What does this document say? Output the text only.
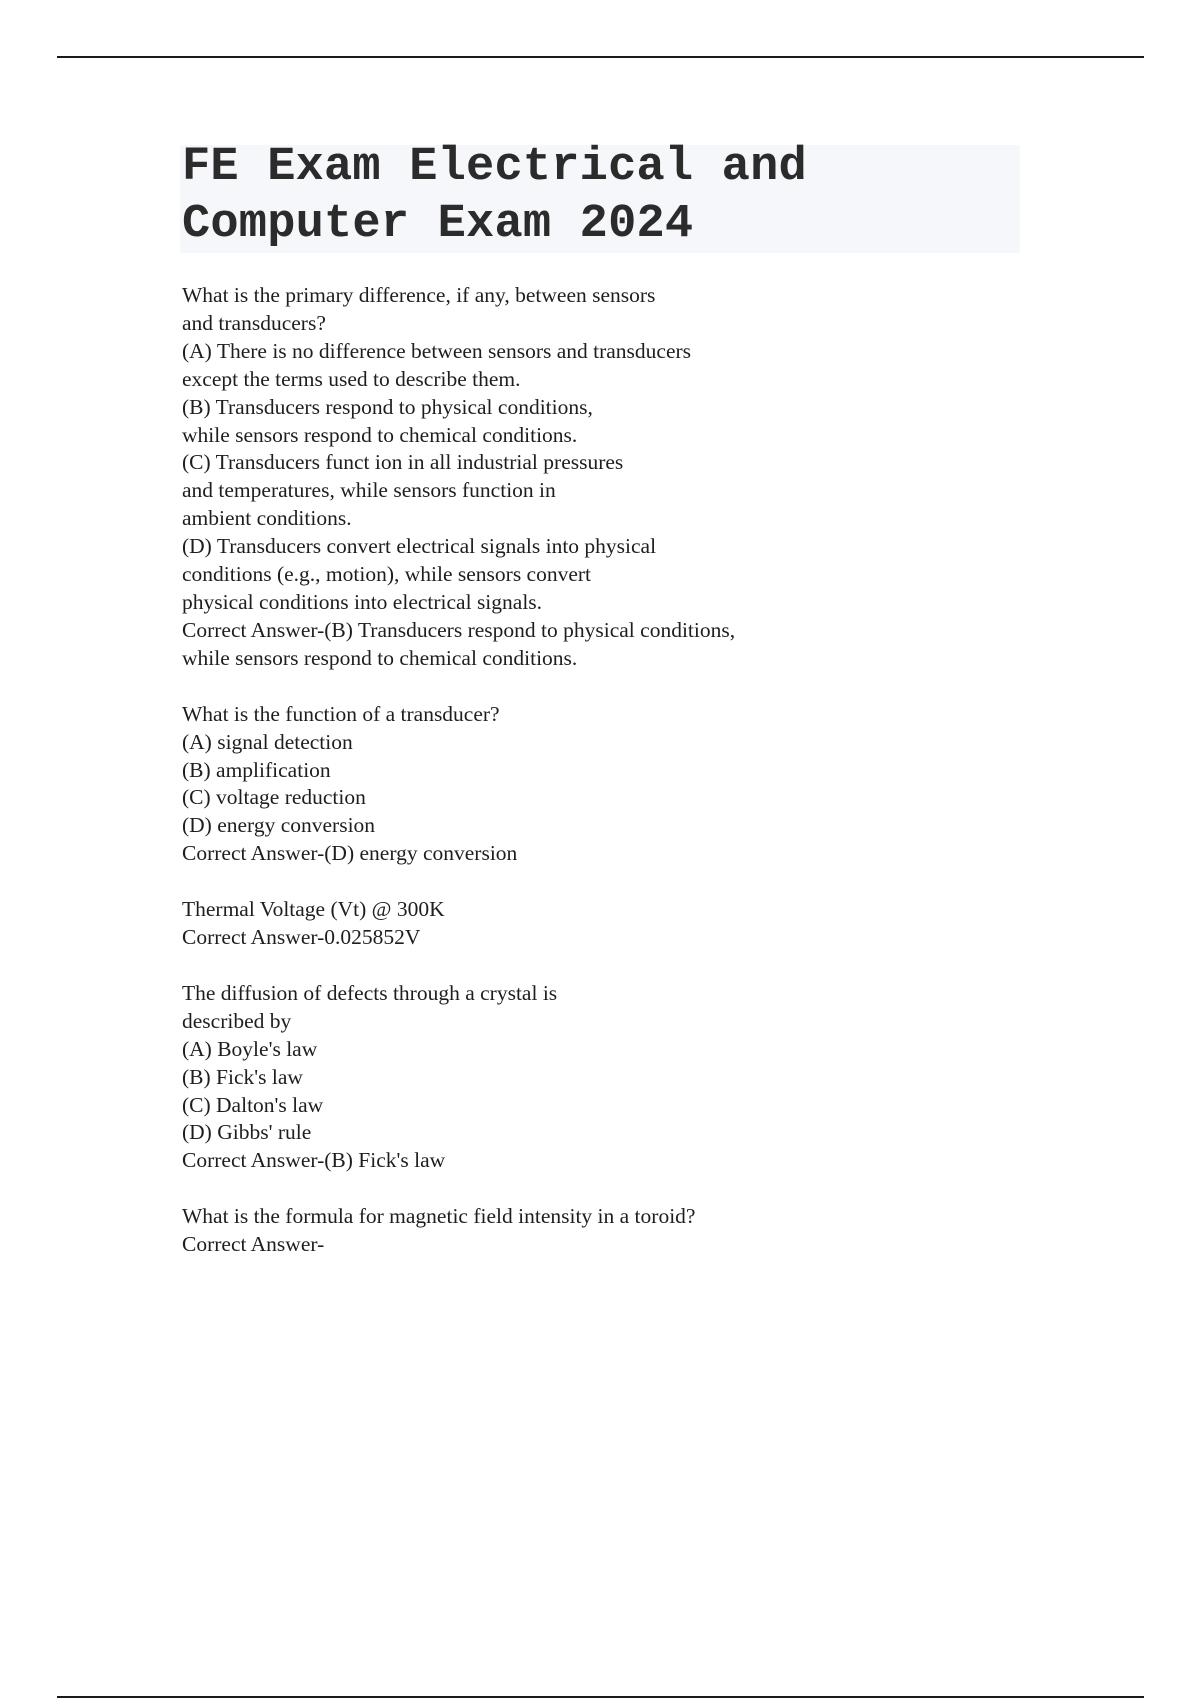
FE Exam Electrical and
Computer Exam 2024
What is the primary difference, if any, between sensors
and transducers?
(A) There is no difference between sensors and transducers
except the terms used to describe them.
(B) Transducers respond to physical conditions,
while sensors respond to chemical conditions.
(C) Transducers funct ion in all industrial pressures
and temperatures, while sensors function in
ambient conditions.
(D) Transducers convert electrical signals into physical
conditions (e.g., motion), while sensors convert
physical conditions into electrical signals.
Correct Answer-(B) Transducers respond to physical conditions,
while sensors respond to chemical conditions.
What is the function of a transducer?
(A) signal detection
(B) amplification
(C) voltage reduction
(D) energy conversion
Correct Answer-(D) energy conversion
Thermal Voltage (Vt) @ 300K
Correct Answer-0.025852V
The diffusion of defects through a crystal is
described by
(A) Boyle's law
(B) Fick's law
(C) Dalton's law
(D) Gibbs' rule
Correct Answer-(B) Fick's law
What is the formula for magnetic field intensity in a toroid?
Correct Answer-
